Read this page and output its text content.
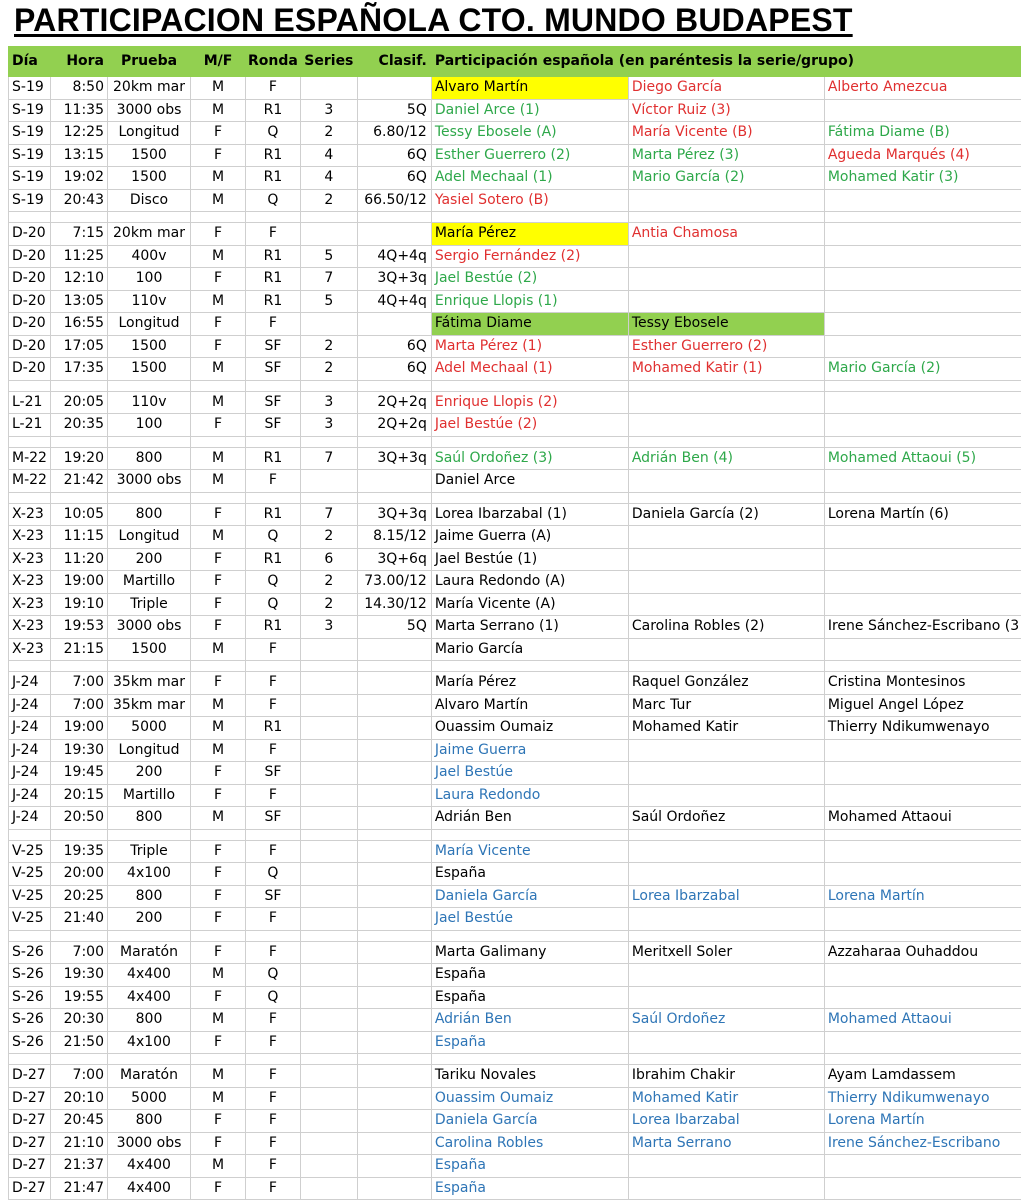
PARTICIPACION ESPAÑOLA CTO. MUNDO BUDAPEST
Día	Hora	Prueba	M/F	Ronda	Series	Clasif.	Participación española (en paréntesis la serie/grupo)		
S-19	8:50	20km mar	M	F			Alvaro Martín	Diego García	Alberto Amezcua
S-19	11:35	3000 obs	M	R1	3	5Q	Daniel Arce (1)	Víctor Ruiz (3)	
S-19	12:25	Longitud	F	Q	2	6.80/12	Tessy Ebosele (A)	María Vicente (B)	Fátima Diame (B)
S-19	13:15	1500	F	R1	4	6Q	Esther Guerrero (2)	Marta Pérez (3)	Agueda Marqués (4)
S-19	19:02	1500	M	R1	4	6Q	Adel Mechaal (1)	Mario García (2)	Mohamed Katir (3)
S-19	20:43	Disco	M	Q	2	66.50/12	Yasiel Sotero (B)		

D-20	7:15	20km mar	F	F			María Pérez	Antia Chamosa	
D-20	11:25	400v	M	R1	5	4Q+4q	Sergio Fernández (2)		
D-20	12:10	100	F	R1	7	3Q+3q	Jael Bestúe (2)		
D-20	13:05	110v	M	R1	5	4Q+4q	Enrique Llopis (1)		
D-20	16:55	Longitud	F	F			Fátima Diame	Tessy Ebosele	
D-20	17:05	1500	F	SF	2	6Q	Marta Pérez (1)	Esther Guerrero (2)	
D-20	17:35	1500	M	SF	2	6Q	Adel Mechaal (1)	Mohamed Katir (1)	Mario García (2)

L-21	20:05	110v	M	SF	3	2Q+2q	Enrique Llopis (2)		
L-21	20:35	100	F	SF	3	2Q+2q	Jael Bestúe (2)		

M-22	19:20	800	M	R1	7	3Q+3q	Saúl Ordoñez (3)	Adrián Ben (4)	Mohamed Attaoui (5)
M-22	21:42	3000 obs	M	F			Daniel Arce		

X-23	10:05	800	F	R1	7	3Q+3q	Lorea Ibarzabal (1)	Daniela García (2)	Lorena Martín (6)
X-23	11:15	Longitud	M	Q	2	8.15/12	Jaime Guerra (A)		
X-23	11:20	200	F	R1	6	3Q+6q	Jael Bestúe (1)		
X-23	19:00	Martillo	F	Q	2	73.00/12	Laura Redondo (A)		
X-23	19:10	Triple	F	Q	2	14.30/12	María Vicente (A)		
X-23	19:53	3000 obs	F	R1	3	5Q	Marta Serrano (1)	Carolina Robles (2)	Irene Sánchez-Escribano (3
X-23	21:15	1500	M	F			Mario García		

J-24	7:00	35km mar	F	F			María Pérez	Raquel González	Cristina Montesinos
J-24	7:00	35km mar	M	F			Alvaro Martín	Marc Tur	Miguel Angel López
J-24	19:00	5000	M	R1			Ouassim Oumaiz	Mohamed Katir	Thierry Ndikumwenayo
J-24	19:30	Longitud	M	F			Jaime Guerra		
J-24	19:45	200	F	SF			Jael Bestúe		
J-24	20:15	Martillo	F	F			Laura Redondo		
J-24	20:50	800	M	SF			Adrián Ben	Saúl Ordoñez	Mohamed Attaoui

V-25	19:35	Triple	F	F			María Vicente		
V-25	20:00	4x100	F	Q			España		
V-25	20:25	800	F	SF			Daniela García	Lorea Ibarzabal	Lorena Martín
V-25	21:40	200	F	F			Jael Bestúe		

S-26	7:00	Maratón	F	F			Marta Galimany	Meritxell Soler	Azzaharaa Ouhaddou
S-26	19:30	4x400	M	Q			España		
S-26	19:55	4x400	F	Q			España		
S-26	20:30	800	M	F			Adrián Ben	Saúl Ordoñez	Mohamed Attaoui
S-26	21:50	4x100	F	F			España		

D-27	7:00	Maratón	M	F			Tariku Novales	Ibrahim Chakir	Ayam Lamdassem
D-27	20:10	5000	M	F			Ouassim Oumaiz	Mohamed Katir	Thierry Ndikumwenayo
D-27	20:45	800	F	F			Daniela García	Lorea Ibarzabal	Lorena Martín
D-27	21:10	3000 obs	F	F			Carolina Robles	Marta Serrano	Irene Sánchez-Escribano
D-27	21:37	4x400	M	F			España		
D-27	21:47	4x400	F	F			España		
